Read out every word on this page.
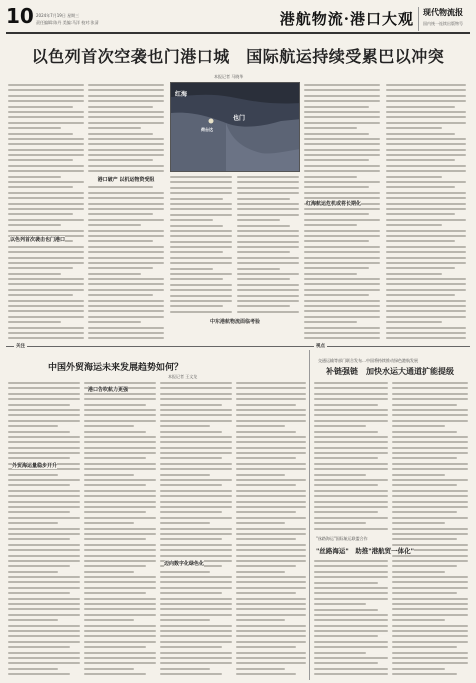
10 2024年7月19日 星期三
责任编辑:陈丹 美编:马洋 校对:张清	港航物流·港口大观 现代物流报
国内统一连续出版物号
以色列首次空袭也门港口城　国际航运持续受累巴以冲突
本报记者 马晓华
以色列首次袭击也门港口
港口破产 以机运物资受阻
红海航运危机或将长期化
红海
也门
荷台达
中东港航物流面临考验
关注	视点
中国外贸海运未来发展趋势如何？
本报记者 王文龙
港口告吹航力更强
外贸海运量稳步开升
迈向数字化绿色化
交通运输等部门联合发布…中国将持续推动绿色港航发展
补链强链　加快水运大通道扩能提级
"丝路海运"国际航运联盟合作
"丝路海运"　助推"港航贸一体化"
